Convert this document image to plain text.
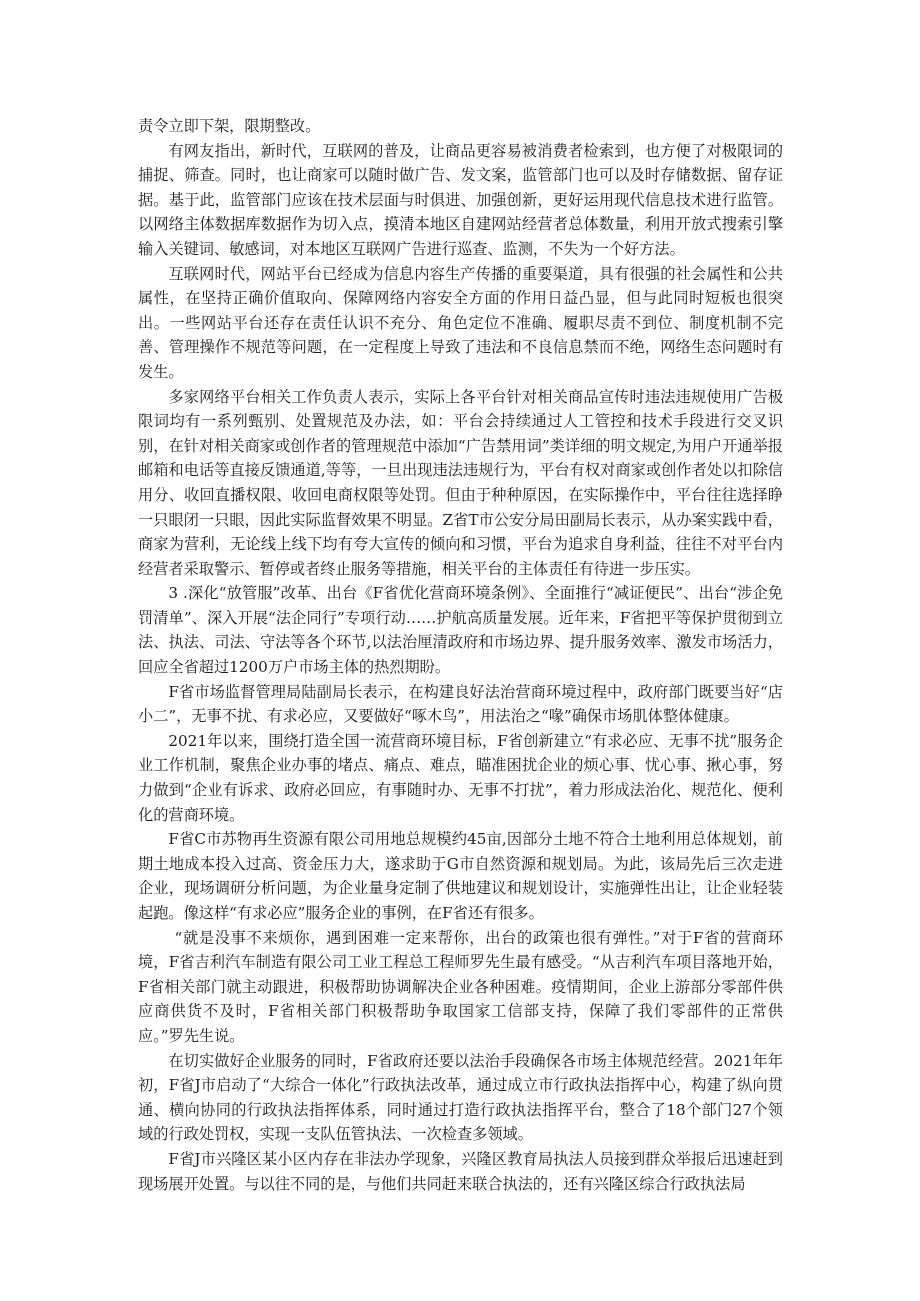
责令立即下架，限期整改。

有网友指出，新时代，互联网的普及，让商品更容易被消费者检索到，也方便了对极限词的捕捉、筛查。同时，也让商家可以随时做广告、发文案，监管部门也可以及时存储数据、留存证据。基于此，监管部门应该在技术层面与时俱进、加强创新，更好运用现代信息技术进行监管。以网络主体数据库数据作为切入点，摸清本地区自建网站经营者总体数量，利用开放式搜索引擎输入关键词、敏感词，对本地区互联网广告进行巡查、监测，不失为一个好方法。

互联网时代，网站平台已经成为信息内容生产传播的重要渠道，具有很强的社会属性和公共属性，在坚持正确价值取向、保障网络内容安全方面的作用日益凸显，但与此同时短板也很突出。一些网站平台还存在责任认识不充分、角色定位不准确、履职尽责不到位、制度机制不完善、管理操作不规范等问题，在一定程度上导致了违法和不良信息禁而不绝，网络生态问题时有发生。

多家网络平台相关工作负责人表示，实际上各平台针对相关商品宣传时违法违规使用广告极限词均有一系列甄别、处置规范及办法，如：平台会持续通过人工管控和技术手段进行交叉识别，在针对相关商家或创作者的管理规范中添加“广告禁用词”类详细的明文规定,为用户开通举报邮箱和电话等直接反馈通道,等等，一旦出现违法违规行为，平台有权对商家或创作者处以扣除信用分、收回直播权限、收回电商权限等处罚。但由于种种原因，在实际操作中，平台往往选择睁一只眼闭一只眼，因此实际监督效果不明显。Z省T市公安分局田副局长表示，从办案实践中看，商家为营利，无论线上线下均有夸大宣传的倾向和习惯，平台为追求自身利益，往往不对平台内经营者采取警示、暂停或者终止服务等措施，相关平台的主体责任有待进一步压实。

3 .深化“放管服”改革、出台《F省优化营商环境条例》、全面推行“减证便民”、出台“涉企免罚清单”、深入开展“法企同行”专项行动……护航高质量发展。近年来，F省把平等保护贯彻到立法、执法、司法、守法等各个环节,以法治厘清政府和市场边界、提升服务效率、激发市场活力，回应全省超过1200万户市场主体的热烈期盼。

F省市场监督管理局陆副局长表示，在构建良好法治营商环境过程中，政府部门既要当好“店小二”，无事不扰、有求必应，又要做好“啄木鸟”，用法治之“喙”确保市场肌体整体健康。

2021年以来，围绕打造全国一流营商环境目标，F省创新建立“有求必应、无事不扰”服务企业工作机制，聚焦企业办事的堵点、痛点、难点，瞄准困扰企业的烦心事、忧心事、揪心事，努力做到“企业有诉求、政府必回应，有事随时办、无事不打扰”，着力形成法治化、规范化、便利化的营商环境。

F省C市苏物再生资源有限公司用地总规模约45亩,因部分土地不符合土地利用总体规划，前期土地成本投入过高、资金压力大，遂求助于G市自然资源和规划局。为此，该局先后三次走进企业，现场调研分析问题，为企业量身定制了供地建议和规划设计，实施弹性出让，让企业轻装起跑。像这样“有求必应”服务企业的事例，在F省还有很多。

“就是没事不来烦你，遇到困难一定来帮你，出台的政策也很有弹性。”对于F省的营商环境，F省吉利汽车制造有限公司工业工程总工程师罗先生最有感受。“从吉利汽车项目落地开始，F省相关部门就主动跟进，积极帮助协调解决企业各种困难。疫情期间，企业上游部分零部件供应商供货不及时，F省相关部门积极帮助争取国家工信部支持，保障了我们零部件的正常供应。”罗先生说。

在切实做好企业服务的同时，F省政府还要以法治手段确保各市场主体规范经营。2021年年初，F省J市启动了“大综合一体化”行政执法改革，通过成立市行政执法指挥中心，构建了纵向贯通、横向协同的行政执法指挥体系，同时通过打造行政执法指挥平台，整合了18个部门27个领域的行政处罚权，实现一支队伍管执法、一次检查多领域。

F省J市兴隆区某小区内存在非法办学现象，兴隆区教育局执法人员接到群众举报后迅速赶到现场展开处置。与以往不同的是，与他们共同赶来联合执法的，还有兴隆区综合行政执法局
